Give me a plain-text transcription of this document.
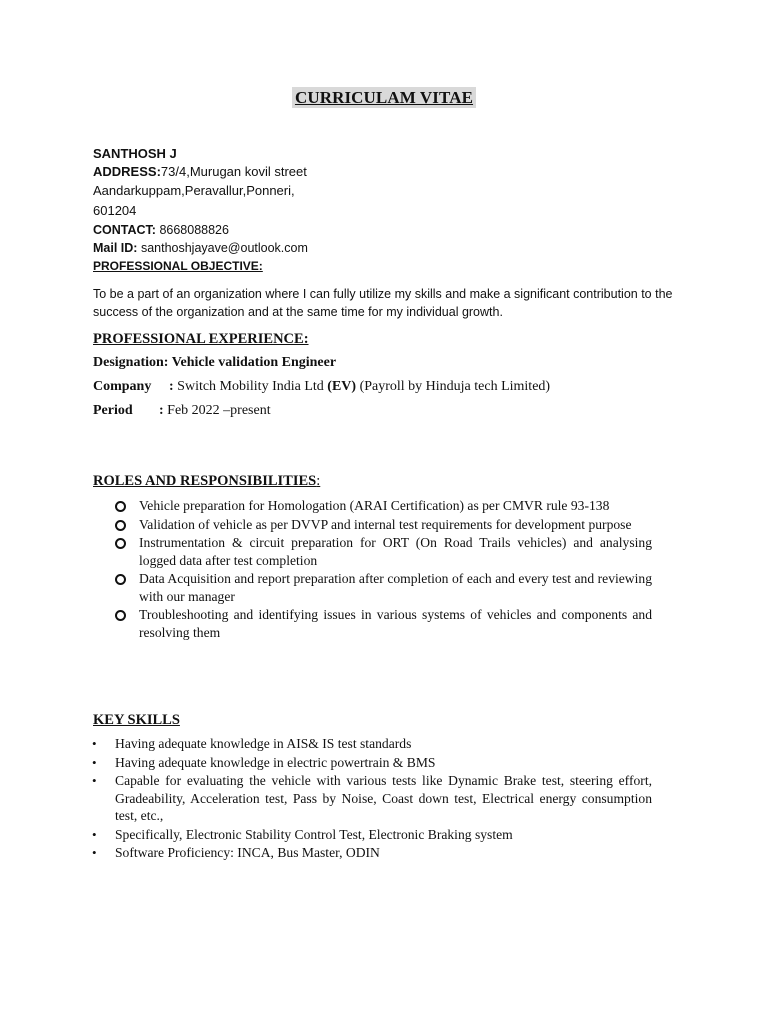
CURRICULAM VITAE
SANTHOSH J
ADDRESS:73/4,Murugan kovil street
Aandarkuppam,Peravallur,Ponneri,
601204
CONTACT: 8668088826
Mail ID: santhoshjayave@outlook.com
PROFESSIONAL OBJECTIVE:
To be a part of an organization where I can fully utilize my skills and make a significant contribution to the success of the organization and at the same time for my individual growth.
PROFESSIONAL EXPERIENCE:
Designation: Vehicle validation Engineer
Company : Switch Mobility India Ltd (EV) (Payroll by Hinduja tech Limited)
Period : Feb 2022 –present
ROLES AND RESPONSIBILITIES:
Vehicle preparation for Homologation (ARAI Certification) as per CMVR rule 93-138
Validation of vehicle as per DVVP and internal test requirements for development purpose
Instrumentation & circuit preparation for ORT (On Road Trails vehicles) and analysing logged data after test completion
Data Acquisition and report preparation after completion of each and every test and reviewing with our manager
Troubleshooting and identifying issues in various systems of vehicles and components and resolving them
KEY SKILLS
• Having adequate knowledge in AIS& IS test standards
• Having adequate knowledge in electric powertrain & BMS
• Capable for evaluating the vehicle with various tests like Dynamic Brake test, steering effort, Gradeability, Acceleration test, Pass by Noise, Coast down test, Electrical energy consumption test, etc.,
• Specifically, Electronic Stability Control Test, Electronic Braking system
• Software Proficiency: INCA, Bus Master, ODIN
